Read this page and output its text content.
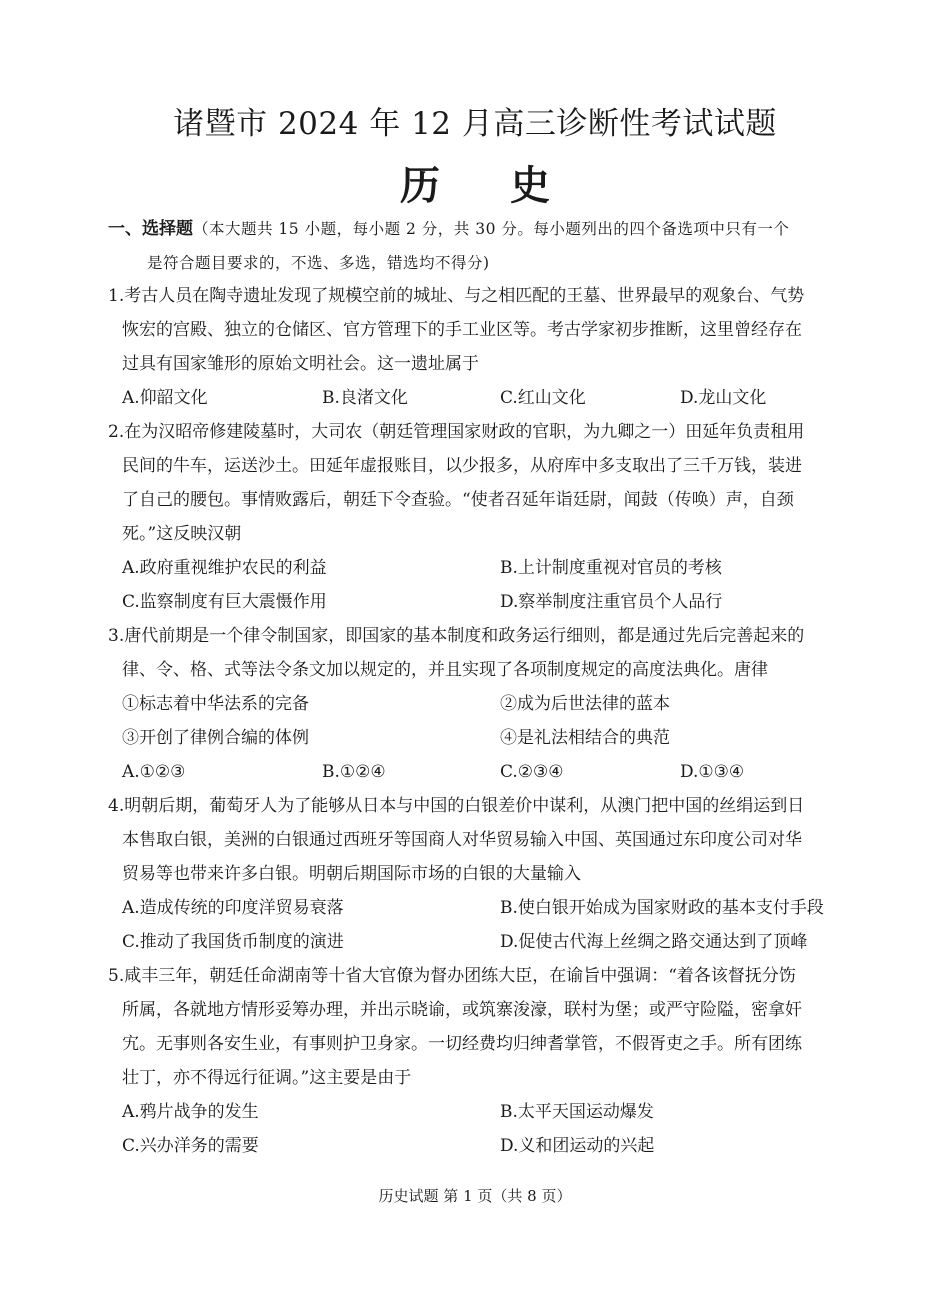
诸暨市 2024 年 12 月高三诊断性考试试题
历 史
一、选择题（本大题共 15 小题，每小题 2 分，共 30 分。每小题列出的四个备选项中只有一个
是符合题目要求的，不选、多选，错选均不得分)
1.考古人员在陶寺遗址发现了规模空前的城址、与之相匹配的王墓、世界最早的观象台、气势
恢宏的宫殿、独立的仓储区、官方管理下的手工业区等。考古学家初步推断，这里曾经存在
过具有国家雏形的原始文明社会。这一遗址属于
A.仰韶文化	B.良渚文化	C.红山文化	D.龙山文化
2.在为汉昭帝修建陵墓时，大司农（朝廷管理国家财政的官职，为九卿之一）田延年负责租用
民间的牛车，运送沙土。田延年虚报账目，以少报多，从府库中多支取出了三千万钱，装进
了自己的腰包。事情败露后，朝廷下令查验。“使者召延年诣廷尉，闻鼓（传唤）声，自颈
死。”这反映汉朝
A.政府重视维护农民的利益	B.上计制度重视对官员的考核
C.监察制度有巨大震慑作用	D.察举制度注重官员个人品行
3.唐代前期是一个律令制国家，即国家的基本制度和政务运行细则，都是通过先后完善起来的
律、令、格、式等法令条文加以规定的，并且实现了各项制度规定的高度法典化。唐律
①标志着中华法系的完备	②成为后世法律的蓝本
③开创了律例合编的体例	④是礼法相结合的典范
A.①②③	B.①②④	C.②③④	D.①③④
4.明朝后期，葡萄牙人为了能够从日本与中国的白银差价中谋利，从澳门把中国的丝绢运到日
本售取白银，美洲的白银通过西班牙等国商人对华贸易输入中国、英国通过东印度公司对华
贸易等也带来许多白银。明朝后期国际市场的白银的大量输入
A.造成传统的印度洋贸易衰落	B.使白银开始成为国家财政的基本支付手段
C.推动了我国货币制度的演进	D.促使古代海上丝绸之路交通达到了顶峰
5.咸丰三年，朝廷任命湖南等十省大官僚为督办团练大臣，在谕旨中强调：“着各该督抚分饬
所属，各就地方情形妥筹办理，并出示晓谕，或筑寨浚濠，联村为堡；或严守险隘，密拿奸
宄。无事则各安生业，有事则护卫身家。一切经费均归绅耆掌管，不假胥吏之手。所有团练
壮丁，亦不得远行征调。”这主要是由于
A.鸦片战争的发生	B.太平天国运动爆发
C.兴办洋务的需要	D.义和团运动的兴起
历史试题 第 1 页（共 8 页）
